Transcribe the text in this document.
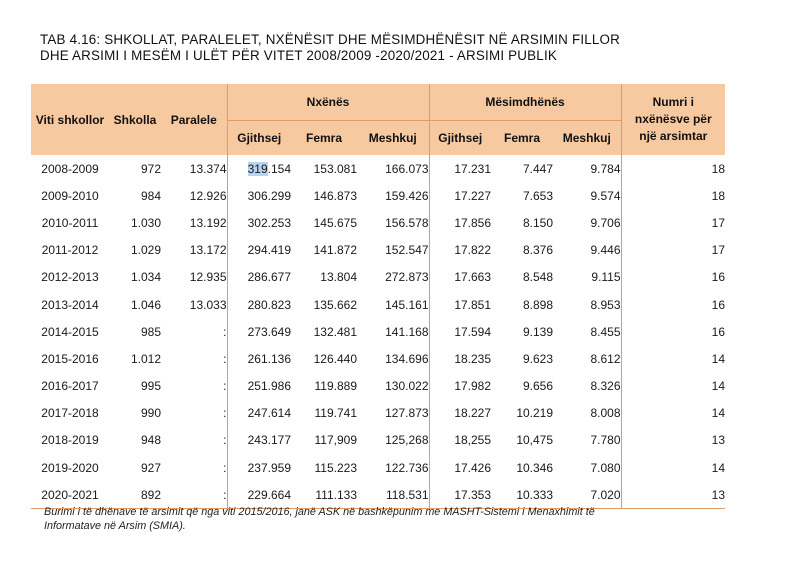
TAB 4.16: SHKOLLAT, PARALELET, NXËNËSIT DHE MËSIMDHËNËSIT NË ARSIMIN FILLOR
DHE ARSIMI I MESËM I ULËT PËR VITET 2008/2009 -2020/2021 - ARSIMI PUBLIK
Viti shkollor	Shkolla	Paralele	Nxënës			Mësimdhënës			Numri i
nxënësve për
një arsimtar

			Gjithsej	Femra	Meshkuj	Gjithsej	Femra	Meshkuj	
2008-2009	972	13.374	319.154	153.081	166.073	17.231	7.447	9.784	18
2009-2010	984	12.926	306.299	146.873	159.426	17.227	7.653	9.574	18
2010-2011	1.030	13.192	302.253	145.675	156.578	17.856	8.150	9.706	17
2011-2012	1.029	13.172	294.419	141.872	152.547	17.822	8.376	9.446	17
2012-2013	1.034	12.935	286.677	13.804	272.873	17.663	8.548	9.115	16
2013-2014	1.046	13.033	280.823	135.662	145.161	17.851	8.898	8.953	16
2014-2015	985	:	273.649	132.481	141.168	17.594	9.139	8.455	16
2015-2016	1.012	:	261.136	126.440	134.696	18.235	9.623	8.612	14
2016-2017	995	:	251.986	119.889	130.022	17.982	9.656	8.326	14
2017-2018	990	:	247.614	119.741	127.873	18.227	10.219	8.008	14
2018-2019	948	:	243.177	117,909	125,268	18,255	10,475	7.780	13
2019-2020	927	:	237.959	115.223	122.736	17.426	10.346	7.080	14
2020-2021	892	:	229.664	111.133	118.531	17.353	10.333	7.020	13
Burimi i të dhënave të arsimit që nga viti 2015/2016, janë ASK në bashkëpunim me MASHT-Sistemi i Menaxhimit të
Informatave në Arsim (SMIA).
